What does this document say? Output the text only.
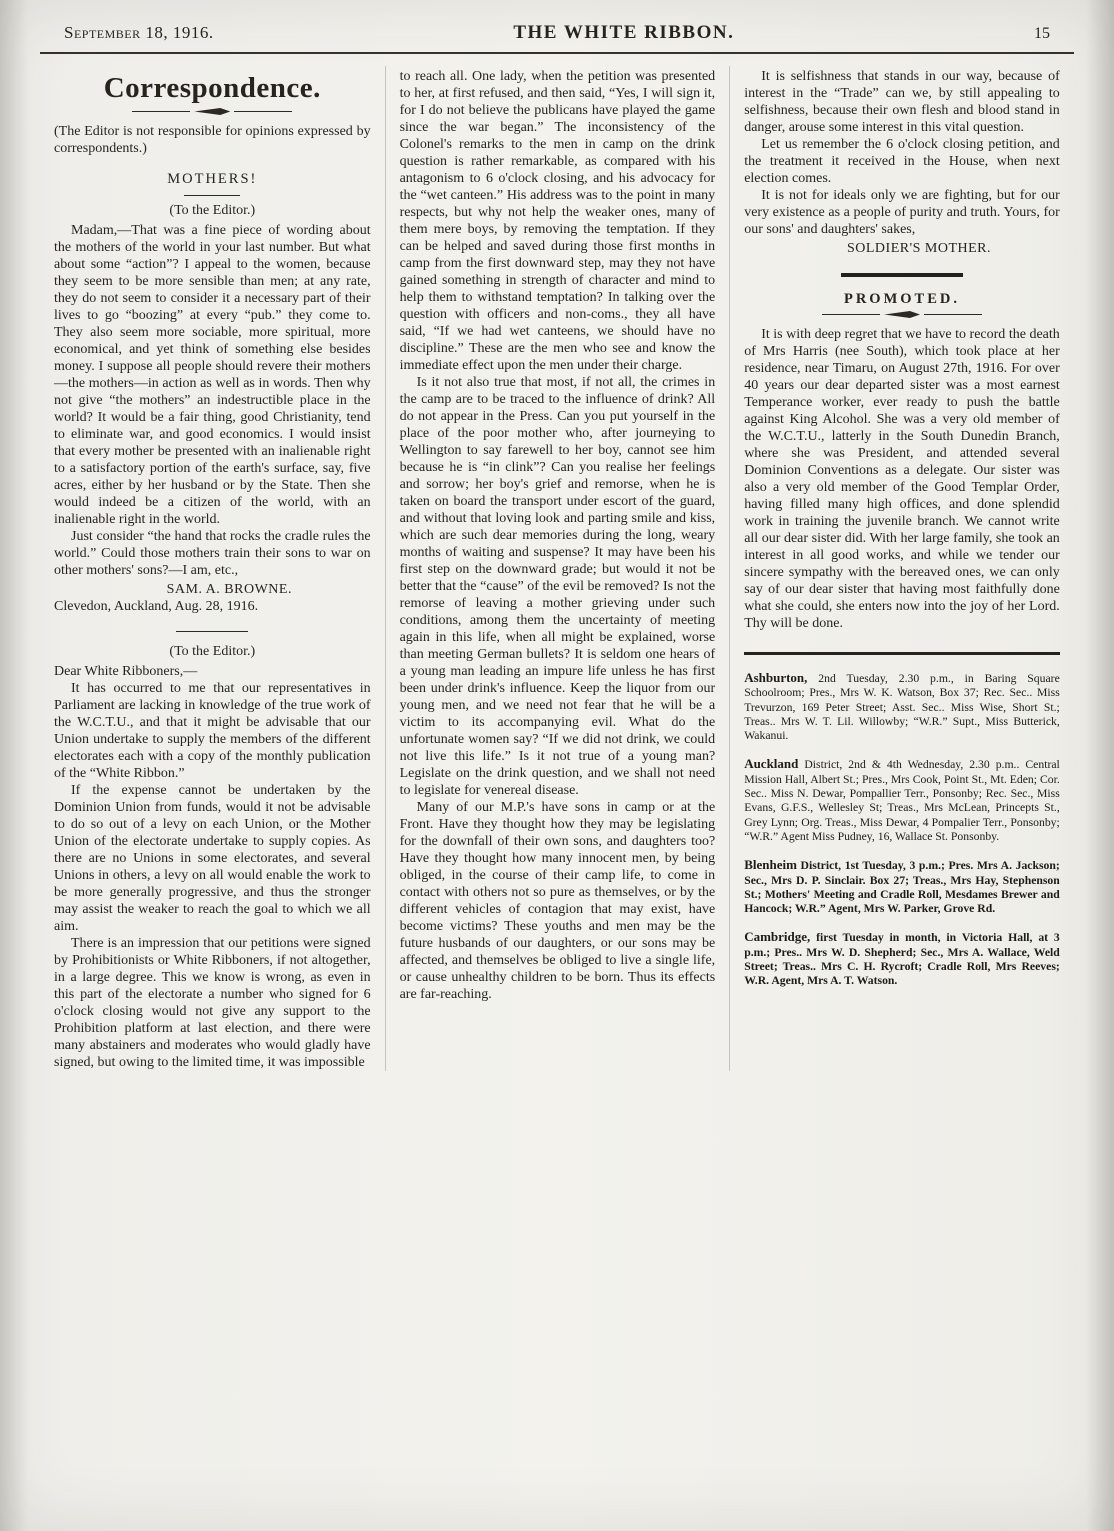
September 18, 1916.	THE WHITE RIBBON.	15
Correspondence.

(The Editor is not responsible for opinions expressed by correspondents.)

MOTHERS!

(To the Editor.)

Madam,—That was a fine piece of wording about the mothers of the world in your last number. But what about some “action”? I appeal to the women, because they seem to be more sensible than men; at any rate, they do not seem to consider it a necessary part of their lives to go “boozing” at every “pub.” they come to. They also seem more sociable, more spiritual, more economical, and yet think of something else besides money. I suppose all people should revere their mothers—the mothers—in action as well as in words. Then why not give “the mothers” an indestructible place in the world? It would be a fair thing, good Christianity, tend to eliminate war, and good economics. I would insist that every mother be presented with an inalienable right to a satisfactory portion of the earth's surface, say, five acres, either by her husband or by the State. Then she would indeed be a citizen of the world, with an inalienable right in the world.

Just consider “the hand that rocks the cradle rules the world.” Could those mothers train their sons to war on other mothers' sons?—I am, etc.,

SAM. A. BROWNE.

Clevedon, Auckland, Aug. 28, 1916.

(To the Editor.)

Dear White Ribboners,—

It has occurred to me that our representatives in Parliament are lacking in knowledge of the true work of the W.C.T.U., and that it might be advisable that our Union undertake to supply the members of the different electorates each with a copy of the monthly publication of the “White Ribbon.”

If the expense cannot be undertaken by the Dominion Union from funds, would it not be advisable to do so out of a levy on each Union, or the Mother Union of the electorate undertake to supply copies. As there are no Unions in some electorates, and several Unions in others, a levy on all would enable the work to be more generally progressive, and thus the stronger may assist the weaker to reach the goal to which we all aim.

There is an impression that our petitions were signed by Prohibitionists or White Ribboners, if not altogether, in a large degree. This we know is wrong, as even in this part of the electorate a number who signed for 6 o'clock closing would not give any support to the Prohibition platform at last election, and there were many abstainers and moderates who would gladly have signed, but owing to the limited time, it was impossible

to reach all. One lady, when the petition was presented to her, at first refused, and then said, “Yes, I will sign it, for I do not believe the publicans have played the game since the war began.” The inconsistency of the Colonel's remarks to the men in camp on the drink question is rather remarkable, as compared with his antagonism to 6 o'clock closing, and his advocacy for the “wet canteen.” His address was to the point in many respects, but why not help the weaker ones, many of them mere boys, by removing the temptation. If they can be helped and saved during those first months in camp from the first downward step, may they not have gained something in strength of character and mind to help them to withstand temptation? In talking over the question with officers and non-coms., they all have said, “If we had wet canteens, we should have no discipline.” These are the men who see and know the immediate effect upon the men under their charge.

Is it not also true that most, if not all, the crimes in the camp are to be traced to the influence of drink? All do not appear in the Press. Can you put yourself in the place of the poor mother who, after journeying to Wellington to say farewell to her boy, cannot see him because he is “in clink”? Can you realise her feelings and sorrow; her boy's grief and remorse, when he is taken on board the transport under escort of the guard, and without that loving look and parting smile and kiss, which are such dear memories during the long, weary months of waiting and suspense? It may have been his first step on the downward grade; but would it not be better that the “cause” of the evil be removed? Is not the remorse of leaving a mother grieving under such conditions, among them the uncertainty of meeting again in this life, when all might be explained, worse than meeting German bullets? It is seldom one hears of a young man leading an impure life unless he has first been under drink's influence. Keep the liquor from our young men, and we need not fear that he will be a victim to its accompanying evil. What do the unfortunate women say? “If we did not drink, we could not live this life.” Is it not true of a young man? Legislate on the drink question, and we shall not need to legislate for venereal disease.

Many of our M.P.'s have sons in camp or at the Front. Have they thought how they may be legislating for the downfall of their own sons, and daughters too? Have they thought how many innocent men, by being obliged, in the course of their camp life, to come in contact with others not so pure as themselves, or by the different vehicles of contagion that may exist, have become victims? These youths and men may be the future husbands of our daughters, or our sons may be affected, and themselves be obliged to live a single life, or cause unhealthy children to be born. Thus its effects are far-reaching.

It is selfishness that stands in our way, because of interest in the “Trade” can we, by still appealing to selfishness, because their own flesh and blood stand in danger, arouse some interest in this vital question.

Let us remember the 6 o'clock closing petition, and the treatment it received in the House, when next election comes.

It is not for ideals only we are fighting, but for our very existence as a people of purity and truth. Yours, for our sons' and daughters' sakes,

SOLDIER'S MOTHER.

PROMOTED.

It is with deep regret that we have to record the death of Mrs Harris (nee South), which took place at her residence, near Timaru, on August 27th, 1916. For over 40 years our dear departed sister was a most earnest Temperance worker, ever ready to push the battle against King Alcohol. She was a very old member of the W.C.T.U., latterly in the South Dunedin Branch, where she was President, and attended several Dominion Conventions as a delegate. Our sister was also a very old member of the Good Templar Order, having filled many high offices, and done splendid work in training the juvenile branch. We cannot write all our dear sister did. With her large family, she took an interest in all good works, and while we tender our sincere sympathy with the bereaved ones, we can only say of our dear sister that having most faithfully done what she could, she enters now into the joy of her Lord. Thy will be done.

Ashburton, 2nd Tuesday, 2.30 p.m., in Baring Square Schoolroom; Pres., Mrs W. K. Watson, Box 37; Rec. Sec.. Miss Trevurzon, 169 Peter Street; Asst. Sec.. Miss Wise, Short St.; Treas.. Mrs W. T. Lil. Willowby; “W.R.” Supt., Miss Butterick, Wakanui.

Auckland District, 2nd & 4th Wednesday, 2.30 p.m.. Central Mission Hall, Albert St.; Pres., Mrs Cook, Point St., Mt. Eden; Cor. Sec.. Miss N. Dewar, Pompallier Terr., Ponsonby; Rec. Sec., Miss Evans, G.F.S., Wellesley St; Treas., Mrs McLean, Princepts St., Grey Lynn; Org. Treas., Miss Dewar, 4 Pompalier Terr., Ponsonby; “W.R.” Agent Miss Pudney, 16, Wallace St. Ponsonby.

Blenheim District, 1st Tuesday, 3 p.m.; Pres. Mrs A. Jackson; Sec., Mrs D. P. Sinclair. Box 27; Treas., Mrs Hay, Stephenson St.; Mothers' Meeting and Cradle Roll, Mesdames Brewer and Hancock; W.R.” Agent, Mrs W. Parker, Grove Rd.

Cambridge, first Tuesday in month, in Victoria Hall, at 3 p.m.; Pres.. Mrs W. D. Shepherd; Sec., Mrs A. Wallace, Weld Street; Treas.. Mrs C. H. Rycroft; Cradle Roll, Mrs Reeves; W.R. Agent, Mrs A. T. Watson.
